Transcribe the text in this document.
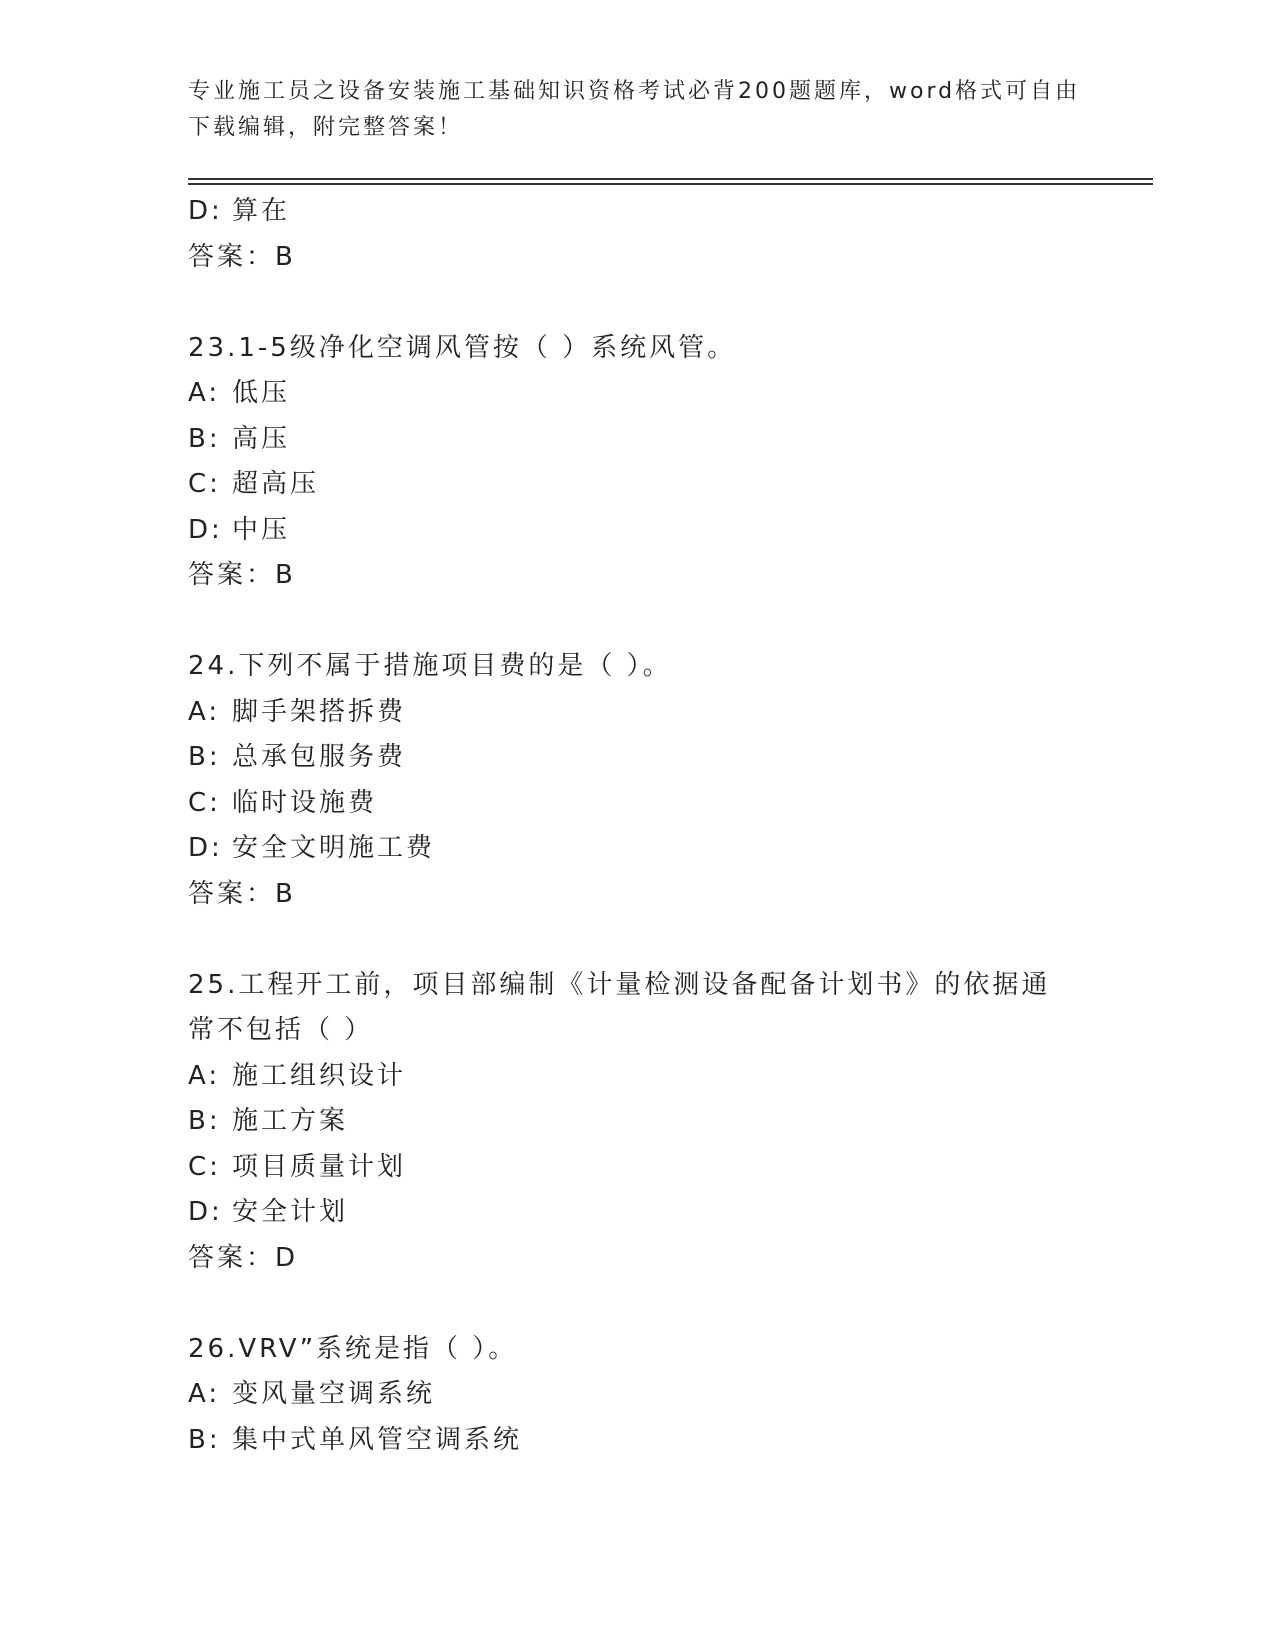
专业施工员之设备安装施工基础知识资格考试必背200题题库，word格式可自由下载编辑，附完整答案！
D: 算在
答案：B
23.1-5级净化空调风管按（ ）系统风管。
A: 低压
B: 高压
C: 超高压
D: 中压
答案：B
24.下列不属于措施项目费的是（ ）。
A: 脚手架搭拆费
B: 总承包服务费
C: 临时设施费
D: 安全文明施工费
答案：B
25.工程开工前，项目部编制《计量检测设备配备计划书》的依据通常不包括（ ）
A: 施工组织设计
B: 施工方案
C: 项目质量计划
D: 安全计划
答案：D
26.VRV”系统是指（ ）。
A: 变风量空调系统
B: 集中式单风管空调系统
